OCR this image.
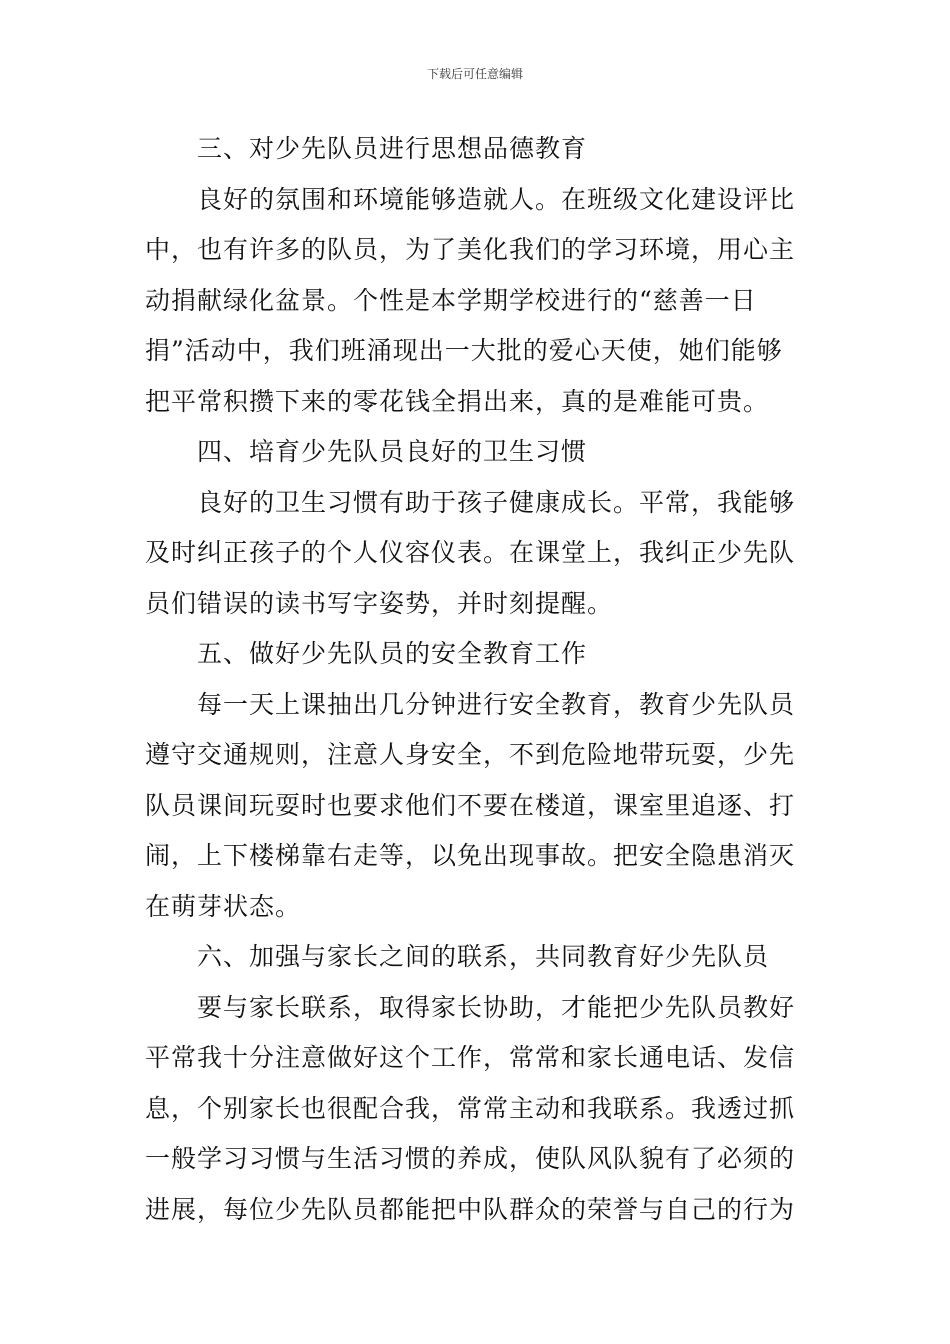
下载后可任意编辑
三、对少先队员进行思想品德教育
良好的氛围和环境能够造就人。在班级文化建设评比
中，也有许多的队员，为了美化我们的学习环境，用心主
动捐献绿化盆景。个性是本学期学校进行的“慈善一日
捐”活动中，我们班涌现出一大批的爱心天使，她们能够
把平常积攒下来的零花钱全捐出来，真的是难能可贵。
四、培育少先队员良好的卫生习惯
良好的卫生习惯有助于孩子健康成长。平常，我能够
及时纠正孩子的个人仪容仪表。在课堂上，我纠正少先队
员们错误的读书写字姿势，并时刻提醒。
五、做好少先队员的安全教育工作
每一天上课抽出几分钟进行安全教育，教育少先队员
遵守交通规则，注意人身安全，不到危险地带玩耍，少先
队员课间玩耍时也要求他们不要在楼道，课室里追逐、打
闹，上下楼梯靠右走等，以免出现事故。把安全隐患消灭
在萌芽状态。
六、加强与家长之间的联系，共同教育好少先队员
要与家长联系，取得家长协助，才能把少先队员教好
平常我十分注意做好这个工作，常常和家长通电话、发信
息，个别家长也很配合我，常常主动和我联系。我透过抓
一般学习习惯与生活习惯的养成，使队风队貌有了必须的
进展，每位少先队员都能把中队群众的荣誉与自己的行为
